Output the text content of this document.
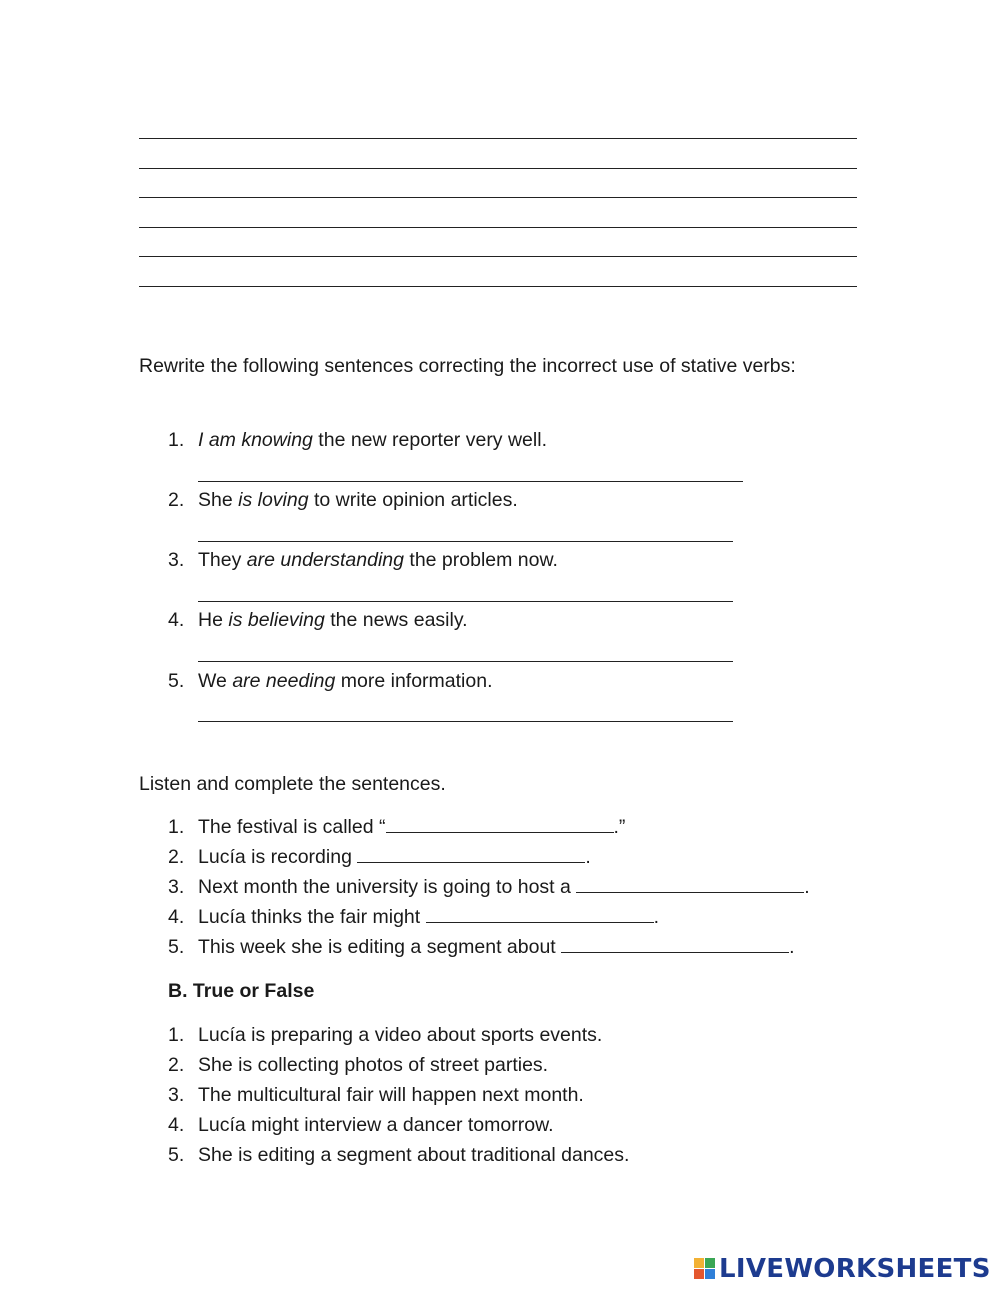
Rewrite the following sentences correcting the incorrect use of stative verbs:
1. I am knowing the new reporter very well.
2. She is loving to write opinion articles.
3. They are understanding the problem now.
4. He is believing the news easily.
5. We are needing more information.
Listen and complete the sentences.
1. The festival is called “	.”
2. Lucía is recording	.
3. Next month the university is going to host a	.
4. Lucía thinks the fair might	.
5. This week she is editing a segment about	.
B. True or False
1. Lucía is preparing a video about sports events.
2. She is collecting photos of street parties.
3. The multicultural fair will happen next month.
4. Lucía might interview a dancer tomorrow.
5. She is editing a segment about traditional dances.
LIVEWORKSHEETS
